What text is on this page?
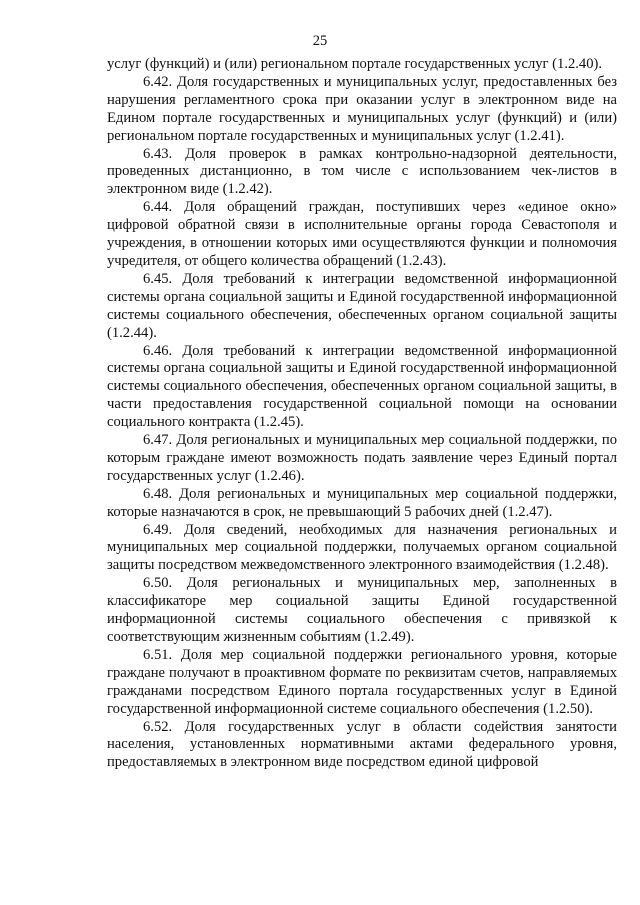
25

услуг (функций) и (или) региональном портале государственных услуг (1.2.40).

6.42. Доля государственных и муниципальных услуг, предоставленных без нарушения регламентного срока при оказании услуг в электронном виде на Едином портале государственных и муниципальных услуг (функций) и (или) региональном портале государственных и муниципальных услуг (1.2.41).

6.43. Доля проверок в рамках контрольно-надзорной деятельности, проведенных дистанционно, в том числе с использованием чек-листов в электронном виде (1.2.42).

6.44. Доля обращений граждан, поступивших через «единое окно» цифровой обратной связи в исполнительные органы города Севастополя и учреждения, в отношении которых ими осуществляются функции и полномочия учредителя, от общего количества обращений (1.2.43).

6.45. Доля требований к интеграции ведомственной информационной системы органа социальной защиты и Единой государственной информационной системы социального обеспечения, обеспеченных органом социальной защиты (1.2.44).

6.46. Доля требований к интеграции ведомственной информационной системы органа социальной защиты и Единой государственной информационной системы социального обеспечения, обеспеченных органом социальной защиты, в части предоставления государственной социальной помощи на основании социального контракта (1.2.45).

6.47. Доля региональных и муниципальных мер социальной поддержки, по которым граждане имеют возможность подать заявление через Единый портал государственных услуг (1.2.46).

6.48. Доля региональных и муниципальных мер социальной поддержки, которые назначаются в срок, не превышающий 5 рабочих дней (1.2.47).

6.49. Доля сведений, необходимых для назначения региональных и муниципальных мер социальной поддержки, получаемых органом социальной защиты посредством межведомственного электронного взаимодействия (1.2.48).

6.50. Доля региональных и муниципальных мер, заполненных в классификаторе мер социальной защиты Единой государственной информационной системы социального обеспечения с привязкой к соответствующим жизненным событиям (1.2.49).

6.51. Доля мер социальной поддержки регионального уровня, которые граждане получают в проактивном формате по реквизитам счетов, направляемых гражданами посредством Единого портала государственных услуг в Единой государственной информационной системе социального обеспечения (1.2.50).

6.52. Доля государственных услуг в области содействия занятости населения, установленных нормативными актами федерального уровня, предоставляемых в электронном виде посредством единой цифровой
